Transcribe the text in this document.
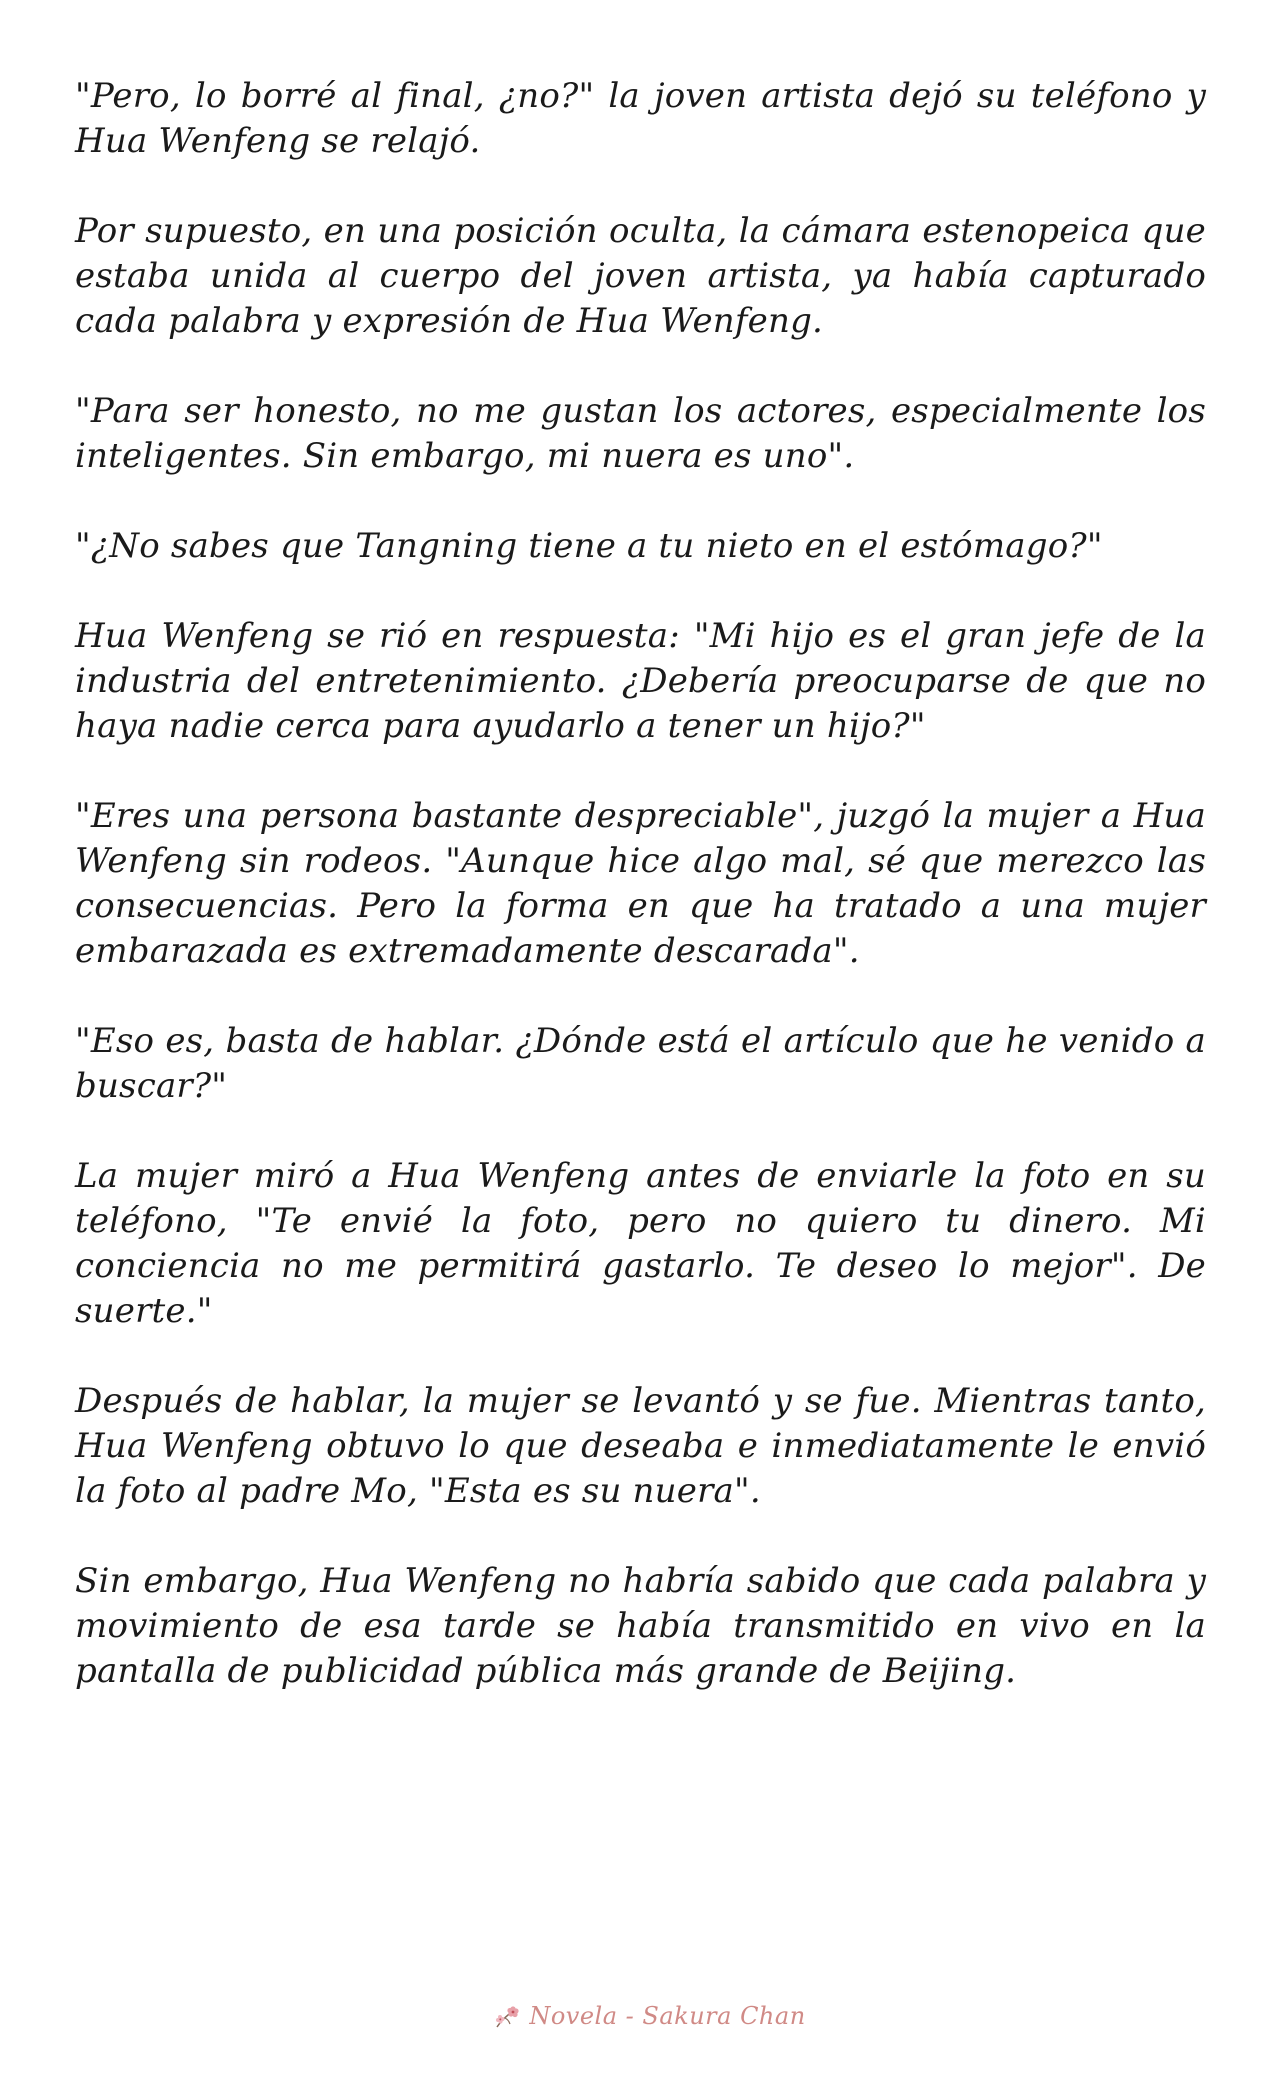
"Pero, lo borré al final, ¿no?" la joven artista dejó su teléfono y Hua Wenfeng se relajó.

Por supuesto, en una posición oculta, la cámara estenopeica que estaba unida al cuerpo del joven artista, ya había capturado cada palabra y expresión de Hua Wenfeng.

"Para ser honesto, no me gustan los actores, especialmente los inteligentes. Sin embargo, mi nuera es uno".

"¿No sabes que Tangning tiene a tu nieto en el estómago?"

Hua Wenfeng se rió en respuesta: "Mi hijo es el gran jefe de la industria del entretenimiento. ¿Debería preocuparse de que no haya nadie cerca para ayudarlo a tener un hijo?"

"Eres una persona bastante despreciable", juzgó la mujer a Hua Wenfeng sin rodeos. "Aunque hice algo mal, sé que merezco las consecuencias. Pero la forma en que ha tratado a una mujer embarazada es extremadamente descarada".

"Eso es, basta de hablar. ¿Dónde está el artículo que he venido a buscar?"

La mujer miró a Hua Wenfeng antes de enviarle la foto en su teléfono, "Te envié la foto, pero no quiero tu dinero. Mi conciencia no me permitirá gastarlo. Te deseo lo mejor". De suerte."

Después de hablar, la mujer se levantó y se fue. Mientras tanto, Hua Wenfeng obtuvo lo que deseaba e inmediatamente le envió la foto al padre Mo, "Esta es su nuera".

Sin embargo, Hua Wenfeng no habría sabido que cada palabra y movimiento de esa tarde se había transmitido en vivo en la pantalla de publicidad pública más grande de Beijing.

Novela - Sakura Chan
